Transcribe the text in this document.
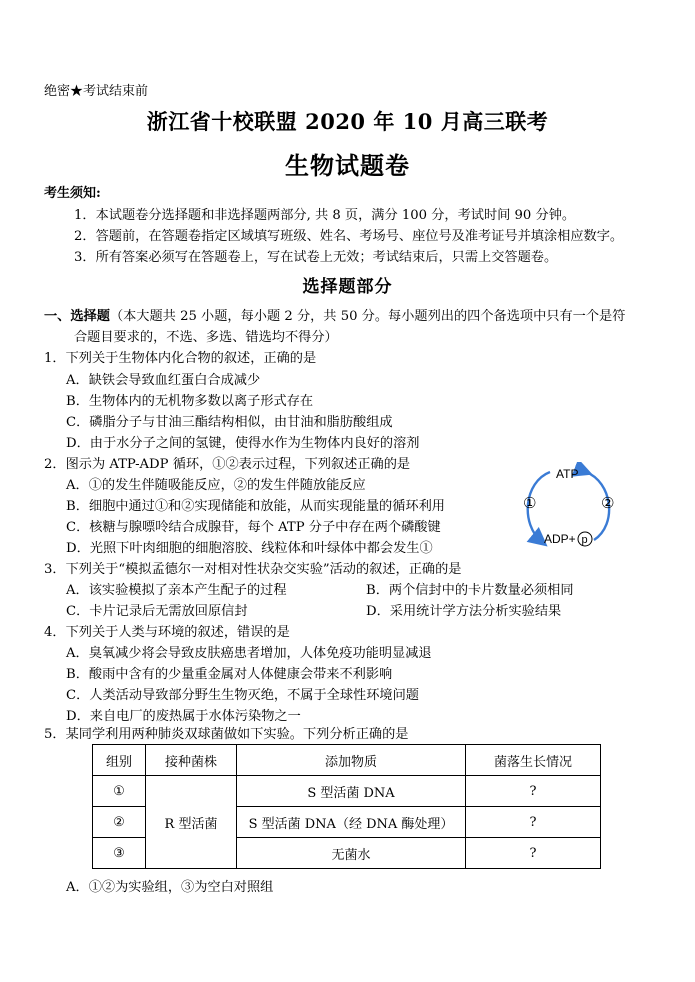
绝密★考试结束前
浙江省十校联盟 2020 年 10 月高三联考
生物试题卷
考生须知:
1．本试题卷分选择题和非选择题两部分, 共 8 页，满分 100 分，考试时间 90 分钟。
2．答题前，在答题卷指定区域填写班级、姓名、考场号、座位号及准考证号并填涂相应数字。
3．所有答案必须写在答题卷上，写在试卷上无效；考试结束后，只需上交答题卷。
选择题部分
一、选择题（本大题共 25 小题，每小题 2 分，共 50 分。每小题列出的四个备选项中只有一个是符
合题目要求的，不选、多选、错选均不得分）
1．下列关于生物体内化合物的叙述，正确的是
A．缺铁会导致血红蛋白合成减少
B．生物体内的无机物多数以离子形式存在
C．磷脂分子与甘油三酯结构相似，由甘油和脂肪酸组成
D．由于水分子之间的氢键，使得水作为生物体内良好的溶剂
2．图示为 ATP-ADP 循环，①②表示过程，下列叙述正确的是
A．①的发生伴随吸能反应，②的发生伴随放能反应
B．细胞中通过①和②实现储能和放能，从而实现能量的循环利用
C．核糖与腺嘌呤结合成腺苷，每个 ATP 分子中存在两个磷酸键
D．光照下叶肉细胞的细胞溶胶、线粒体和叶绿体中都会发生①
ATP
①	②
ADP+ p
3．下列关于“模拟孟德尔一对相对性状杂交实验”活动的叙述，正确的是
A．该实验模拟了亲本产生配子的过程	B．两个信封中的卡片数量必须相同
C．卡片记录后无需放回原信封	D．采用统计学方法分析实验结果
4．下列关于人类与环境的叙述，错误的是
A．臭氧减少将会导致皮肤癌患者增加，人体免疫功能明显减退
B．酸雨中含有的少量重金属对人体健康会带来不利影响
C．人类活动导致部分野生生物灭绝，不属于全球性环境问题
D．来自电厂的废热属于水体污染物之一
5．某同学利用两种肺炎双球菌做如下实验。下列分析正确的是
组别	接种菌株	添加物质	菌落生长情况
①	R 型活菌	S 型活菌 DNA	?
②		S 型活菌 DNA（经 DNA 酶处理）	?
③		无菌水	?
A．①②为实验组，③为空白对照组
